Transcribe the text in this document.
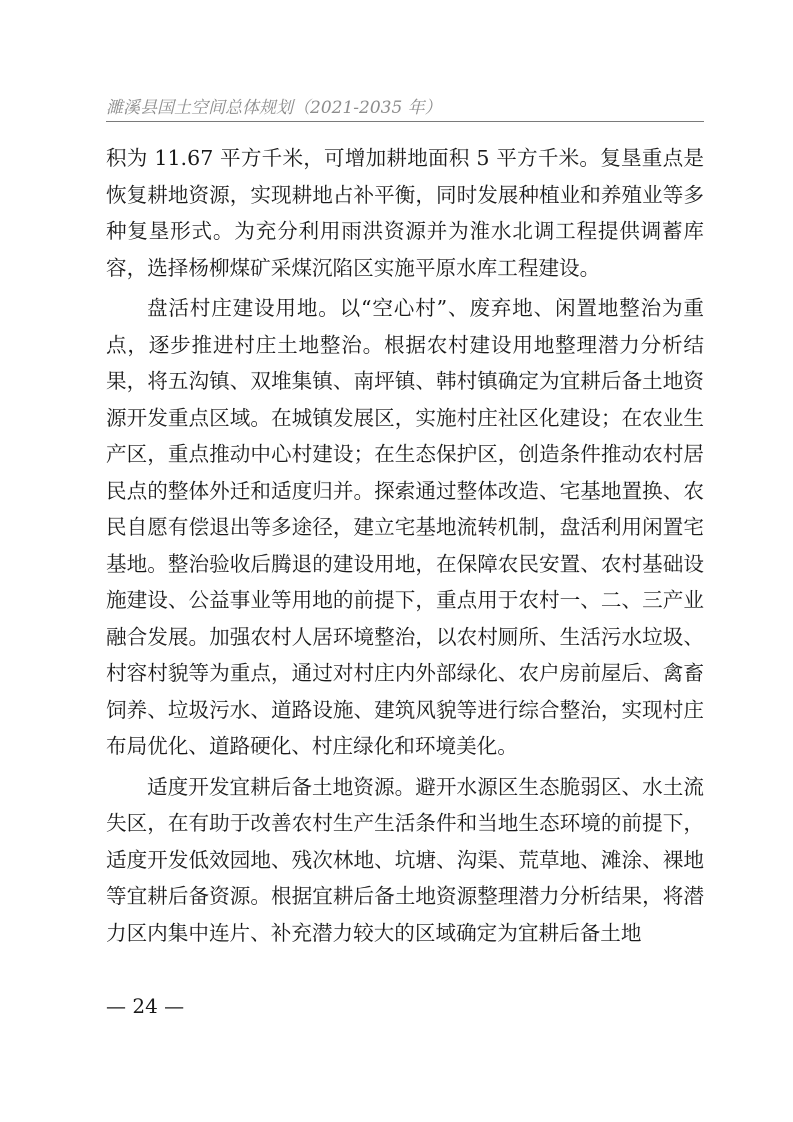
濉溪县国土空间总体规划（2021-2035 年）

积为 11.67 平方千米，可增加耕地面积 5 平方千米。复垦重点是恢复耕地资源，实现耕地占补平衡，同时发展种植业和养殖业等多种复垦形式。为充分利用雨洪资源并为淮水北调工程提供调蓄库容，选择杨柳煤矿采煤沉陷区实施平原水库工程建设。

盘活村庄建设用地。以“空心村”、废弃地、闲置地整治为重点，逐步推进村庄土地整治。根据农村建设用地整理潜力分析结果，将五沟镇、双堆集镇、南坪镇、韩村镇确定为宜耕后备土地资源开发重点区域。在城镇发展区，实施村庄社区化建设；在农业生产区，重点推动中心村建设；在生态保护区，创造条件推动农村居民点的整体外迁和适度归并。探索通过整体改造、宅基地置换、农民自愿有偿退出等多途径，建立宅基地流转机制，盘活利用闲置宅基地。整治验收后腾退的建设用地，在保障农民安置、农村基础设施建设、公益事业等用地的前提下，重点用于农村一、二、三产业融合发展。加强农村人居环境整治，以农村厕所、生活污水垃圾、村容村貌等为重点，通过对村庄内外部绿化、农户房前屋后、禽畜饲养、垃圾污水、道路设施、建筑风貌等进行综合整治，实现村庄布局优化、道路硬化、村庄绿化和环境美化。

适度开发宜耕后备土地资源。避开水源区生态脆弱区、水土流失区，在有助于改善农村生产生活条件和当地生态环境的前提下，适度开发低效园地、残次林地、坑塘、沟渠、荒草地、滩涂、裸地等宜耕后备资源。根据宜耕后备土地资源整理潜力分析结果，将潜力区内集中连片、补充潜力较大的区域确定为宜耕后备土地

— 24 —
